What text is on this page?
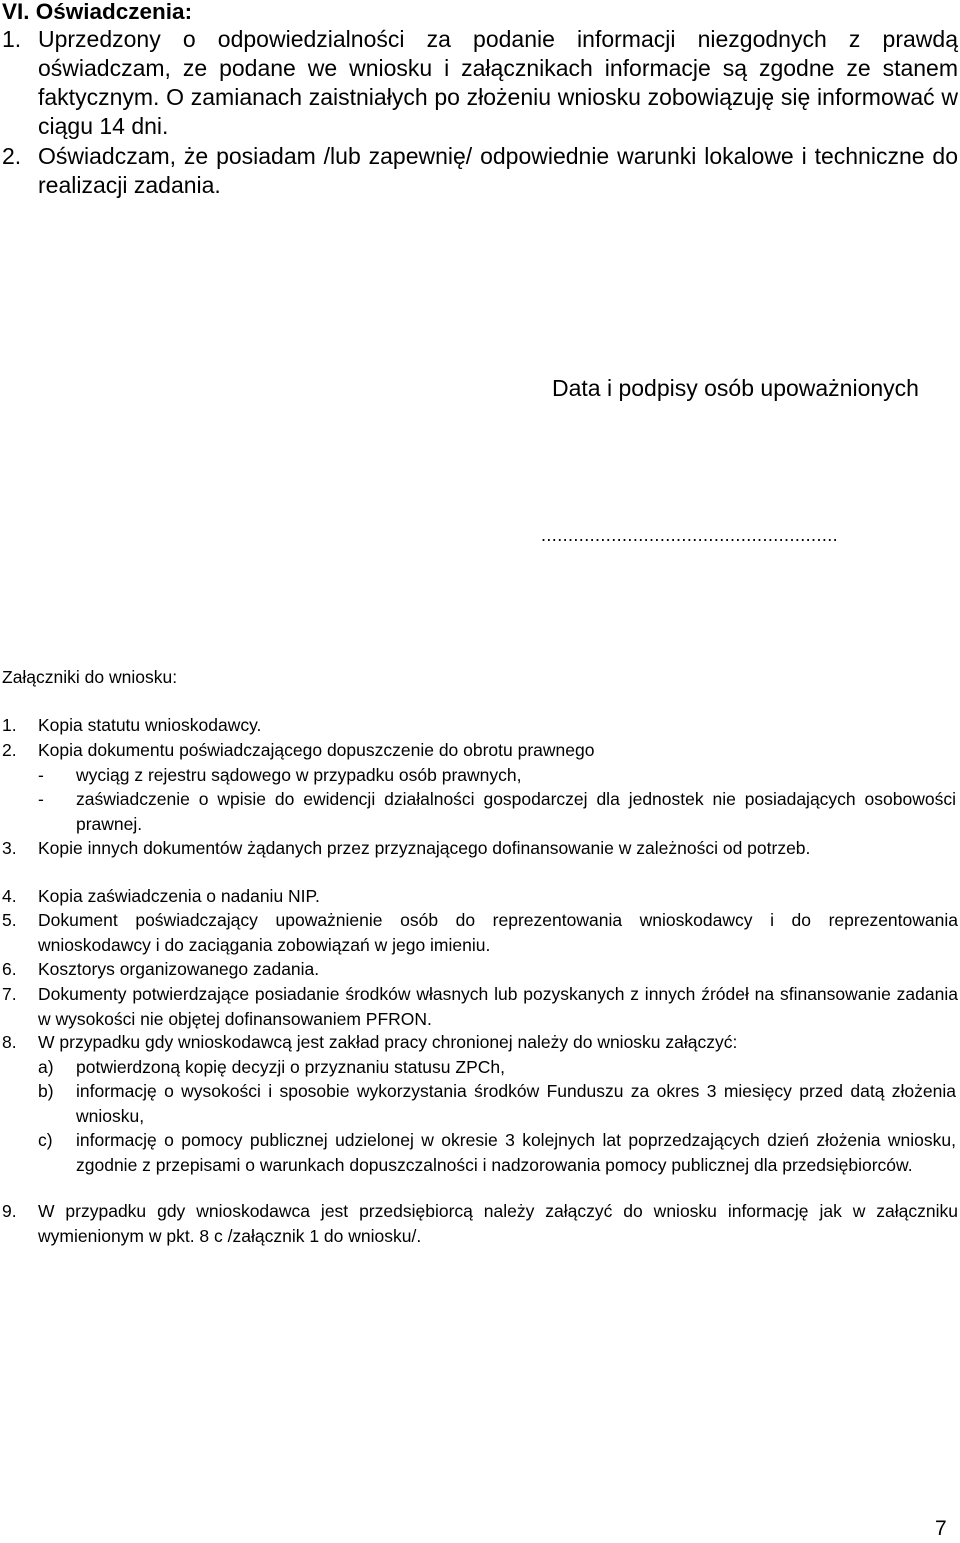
VI. Oświadczenia:
1. Uprzedzony o odpowiedzialności za podanie informacji niezgodnych z prawdą oświadczam, ze podane we wniosku i załącznikach informacje są zgodne ze stanem faktycznym. O zamianach zaistniałych po złożeniu wniosku zobowiązuję się informować w ciągu 14 dni.
2. Oświadczam, że posiadam /lub zapewnię/ odpowiednie warunki lokalowe i techniczne do realizacji zadania.
Data i podpisy osób upoważnionych
.......................................................
Załączniki do wniosku:
1. Kopia statutu wnioskodawcy.
2. Kopia dokumentu poświadczającego dopuszczenie do obrotu prawnego
- wyciąg z rejestru sądowego w przypadku osób prawnych,
- zaświadczenie o wpisie do ewidencji działalności gospodarczej dla jednostek nie posiadających osobowości prawnej.
3. Kopie innych dokumentów żądanych przez przyznającego dofinansowanie w zależności od potrzeb.
4. Kopia zaświadczenia o nadaniu NIP.
5. Dokument poświadczający upoważnienie osób do reprezentowania wnioskodawcy i do reprezentowania wnioskodawcy i do zaciągania zobowiązań w jego imieniu.
6. Kosztorys organizowanego zadania.
7. Dokumenty potwierdzające posiadanie środków własnych lub pozyskanych z innych źródeł na sfinansowanie zadania w wysokości nie objętej dofinansowaniem PFRON.
8. W przypadku gdy wnioskodawcą jest zakład pracy chronionej należy do wniosku załączyć:
a) potwierdzoną kopię decyzji o przyznaniu statusu ZPCh,
b) informację o wysokości i sposobie wykorzystania środków Funduszu za okres 3 miesięcy przed datą złożenia wniosku,
c) informację o pomocy publicznej udzielonej w okresie 3 kolejnych lat poprzedzających dzień złożenia wniosku, zgodnie z przepisami o warunkach dopuszczalności i nadzorowania pomocy publicznej dla przedsiębiorców.
9. W przypadku gdy wnioskodawca jest przedsiębiorcą należy załączyć do wniosku informację jak w załączniku wymienionym w pkt. 8 c /załącznik 1 do wniosku/.
7
